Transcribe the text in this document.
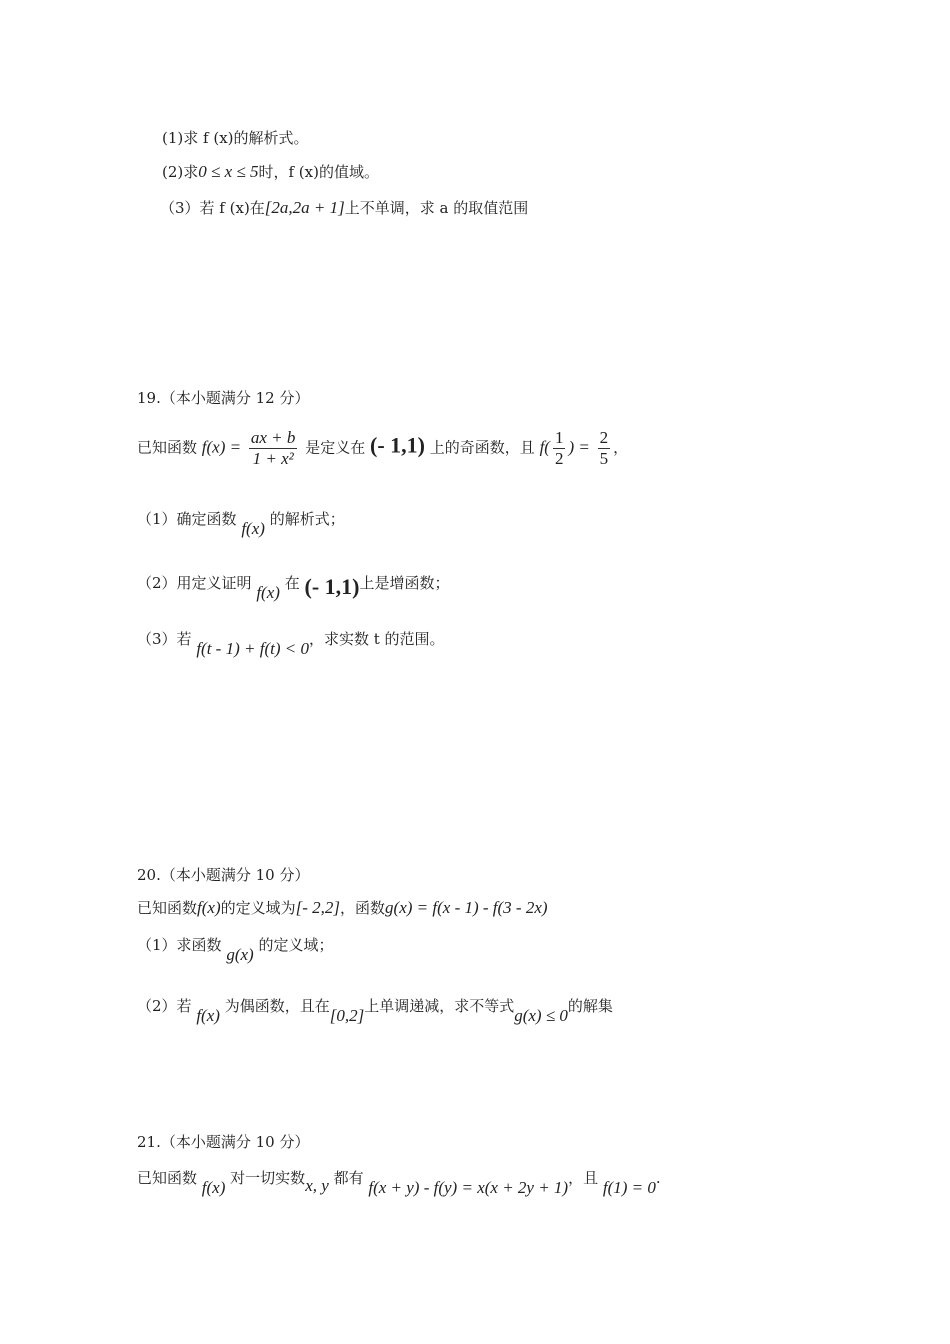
(1)求 f (x)的解析式。
(2)求0 ≤ x ≤ 5时，f (x)的值域。
（3）若 f (x)在[2a,2a + 1]上不单调，求 a 的取值范围
19.（本小题满分 12 分）
已知函数 $f(x) = \frac{ax + b}{\text{1 + x²}}$ 是定义在 (- 1,1) 上的奇函数，且 $f( \frac{1}{2}$ ) = $\frac{2}{5}$ ，
（1）确定函数 f(x) 的解析式；
（2）用定义证明 f(x) 在 (- 1,1)上是增函数；
（3）若 f(t - 1) + f(t) < 0，求实数 t 的范围。
20.（本小题满分 10 分）
已知函数f(x)的定义域为[- 2,2]，函数g(x) = f(x - 1) - f(3 - 2x)
（1）求函数 g(x) 的定义域；
（2）若 f(x) 为偶函数，且在[0,2]上单调递减，求不等式g(x) ≤ 0的解集
21.（本小题满分 10 分）
已知函数 f(x) 对一切实数x, y 都有 f(x + y) - f(y) = x(x + 2y + 1)，且 f(1) = 0.
